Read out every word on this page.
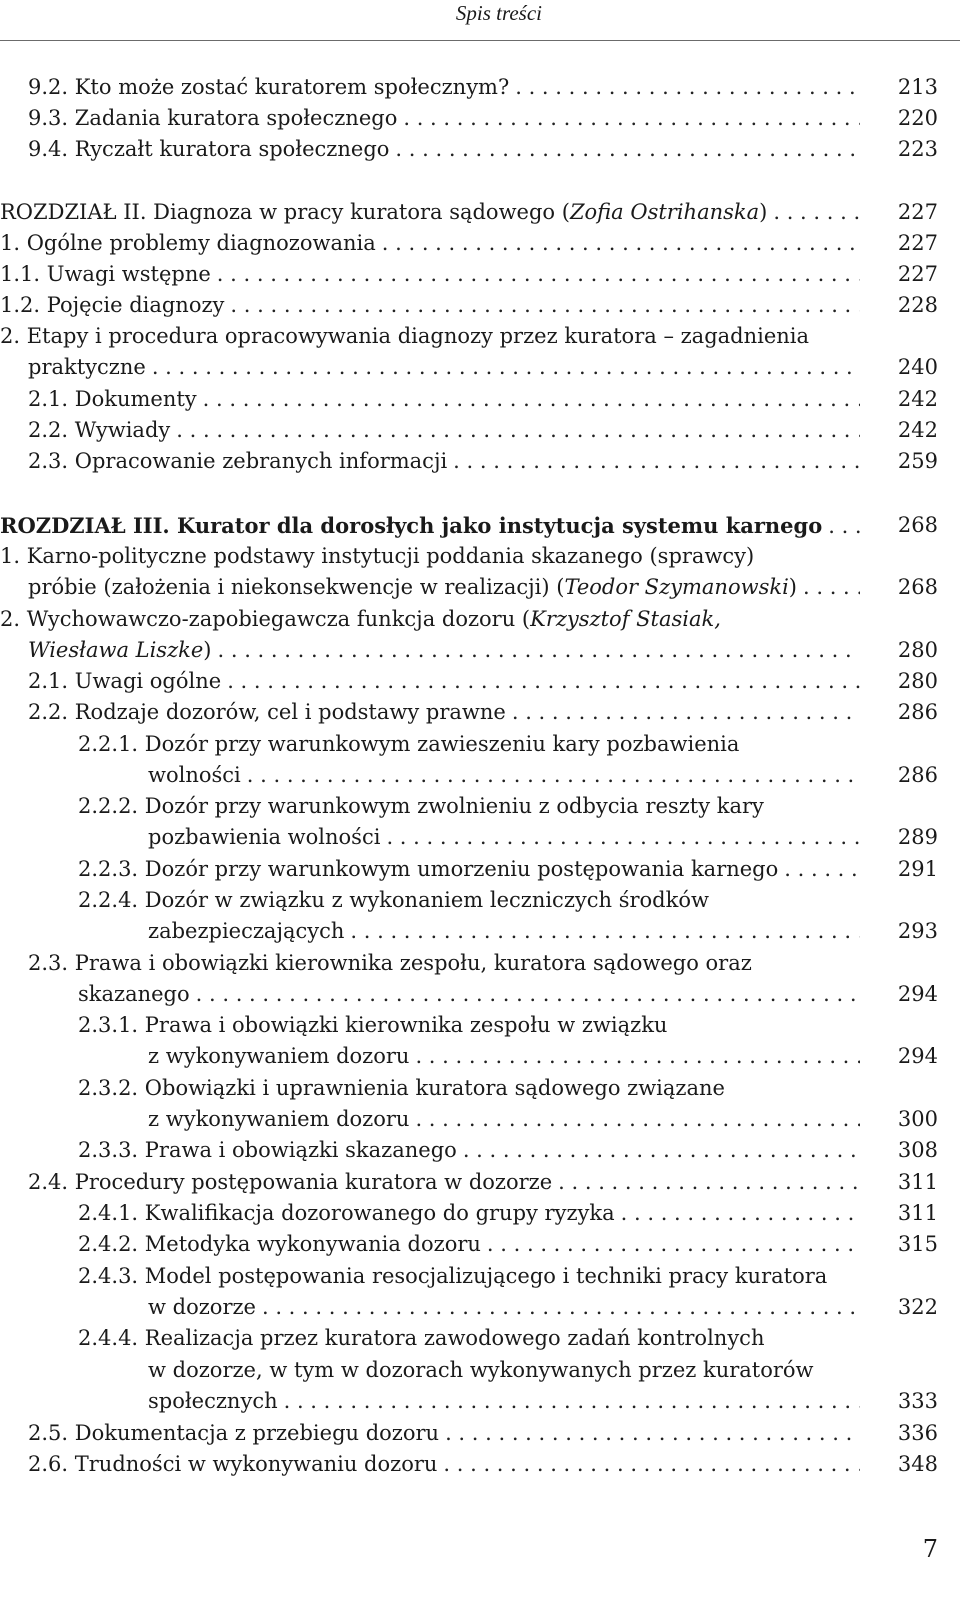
Spis treści
9.2. Kto może zostać kuratorem społecznym? . . .	213
9.3. Zadania kuratora społecznego . . .	220
9.4. Ryczałt kuratora społecznego . . .	223
ROZDZIAŁ II. Diagnoza w pracy kuratora sądowego (Zofia Ostrihanska) . . .	227
1. Ogólne problemy diagnozowania . . .	227
1.1. Uwagi wstępne . . .	227
1.2. Pojęcie diagnozy . . .	228
2. Etapy i procedura opracowywania diagnozy przez kuratora – zagadnienia
praktyczne . . .	240
2.1. Dokumenty . . .	242
2.2. Wywiady . . .	242
2.3. Opracowanie zebranych informacji . . .	259
ROZDZIAŁ III. Kurator dla dorosłych jako instytucja systemu karnego . . .	268
1. Karno-polityczne podstawy instytucji poddania skazanego (sprawcy)
próbie (założenia i niekonsekwencje w realizacji) (Teodor Szymanowski) . . .	268
2. Wychowawczo-zapobiegawcza funkcja dozoru (Krzysztof Stasiak,
Wiesława Liszke) . . .	280
2.1. Uwagi ogólne . . .	280
2.2. Rodzaje dozorów, cel i podstawy prawne . . .	286
2.2.1. Dozór przy warunkowym zawieszeniu kary pozbawienia
wolności . . .	286
2.2.2. Dozór przy warunkowym zwolnieniu z odbycia reszty kary
pozbawienia wolności . . .	289
2.2.3. Dozór przy warunkowym umorzeniu postępowania karnego . . .	291
2.2.4. Dozór w związku z wykonaniem leczniczych środków
zabezpieczających . . .	293
2.3. Prawa i obowiązki kierownika zespołu, kuratora sądowego oraz
skazanego . . .	294
2.3.1. Prawa i obowiązki kierownika zespołu w związku
z wykonywaniem dozoru . . .	294
2.3.2. Obowiązki i uprawnienia kuratora sądowego związane
z wykonywaniem dozoru . . .	300
2.3.3. Prawa i obowiązki skazanego . . .	308
2.4. Procedury postępowania kuratora w dozorze . . .	311
2.4.1. Kwalifikacja dozorowanego do grupy ryzyka . . .	311
2.4.2. Metodyka wykonywania dozoru . . .	315
2.4.3. Model postępowania resocjalizującego i techniki pracy kuratora
w dozorze . . .	322
2.4.4. Realizacja przez kuratora zawodowego zadań kontrolnych
w dozorze, w tym w dozorach wykonywanych przez kuratorów
społecznych . . .	333
2.5. Dokumentacja z przebiegu dozoru . . .	336
2.6. Trudności w wykonywaniu dozoru . . .	348
7
